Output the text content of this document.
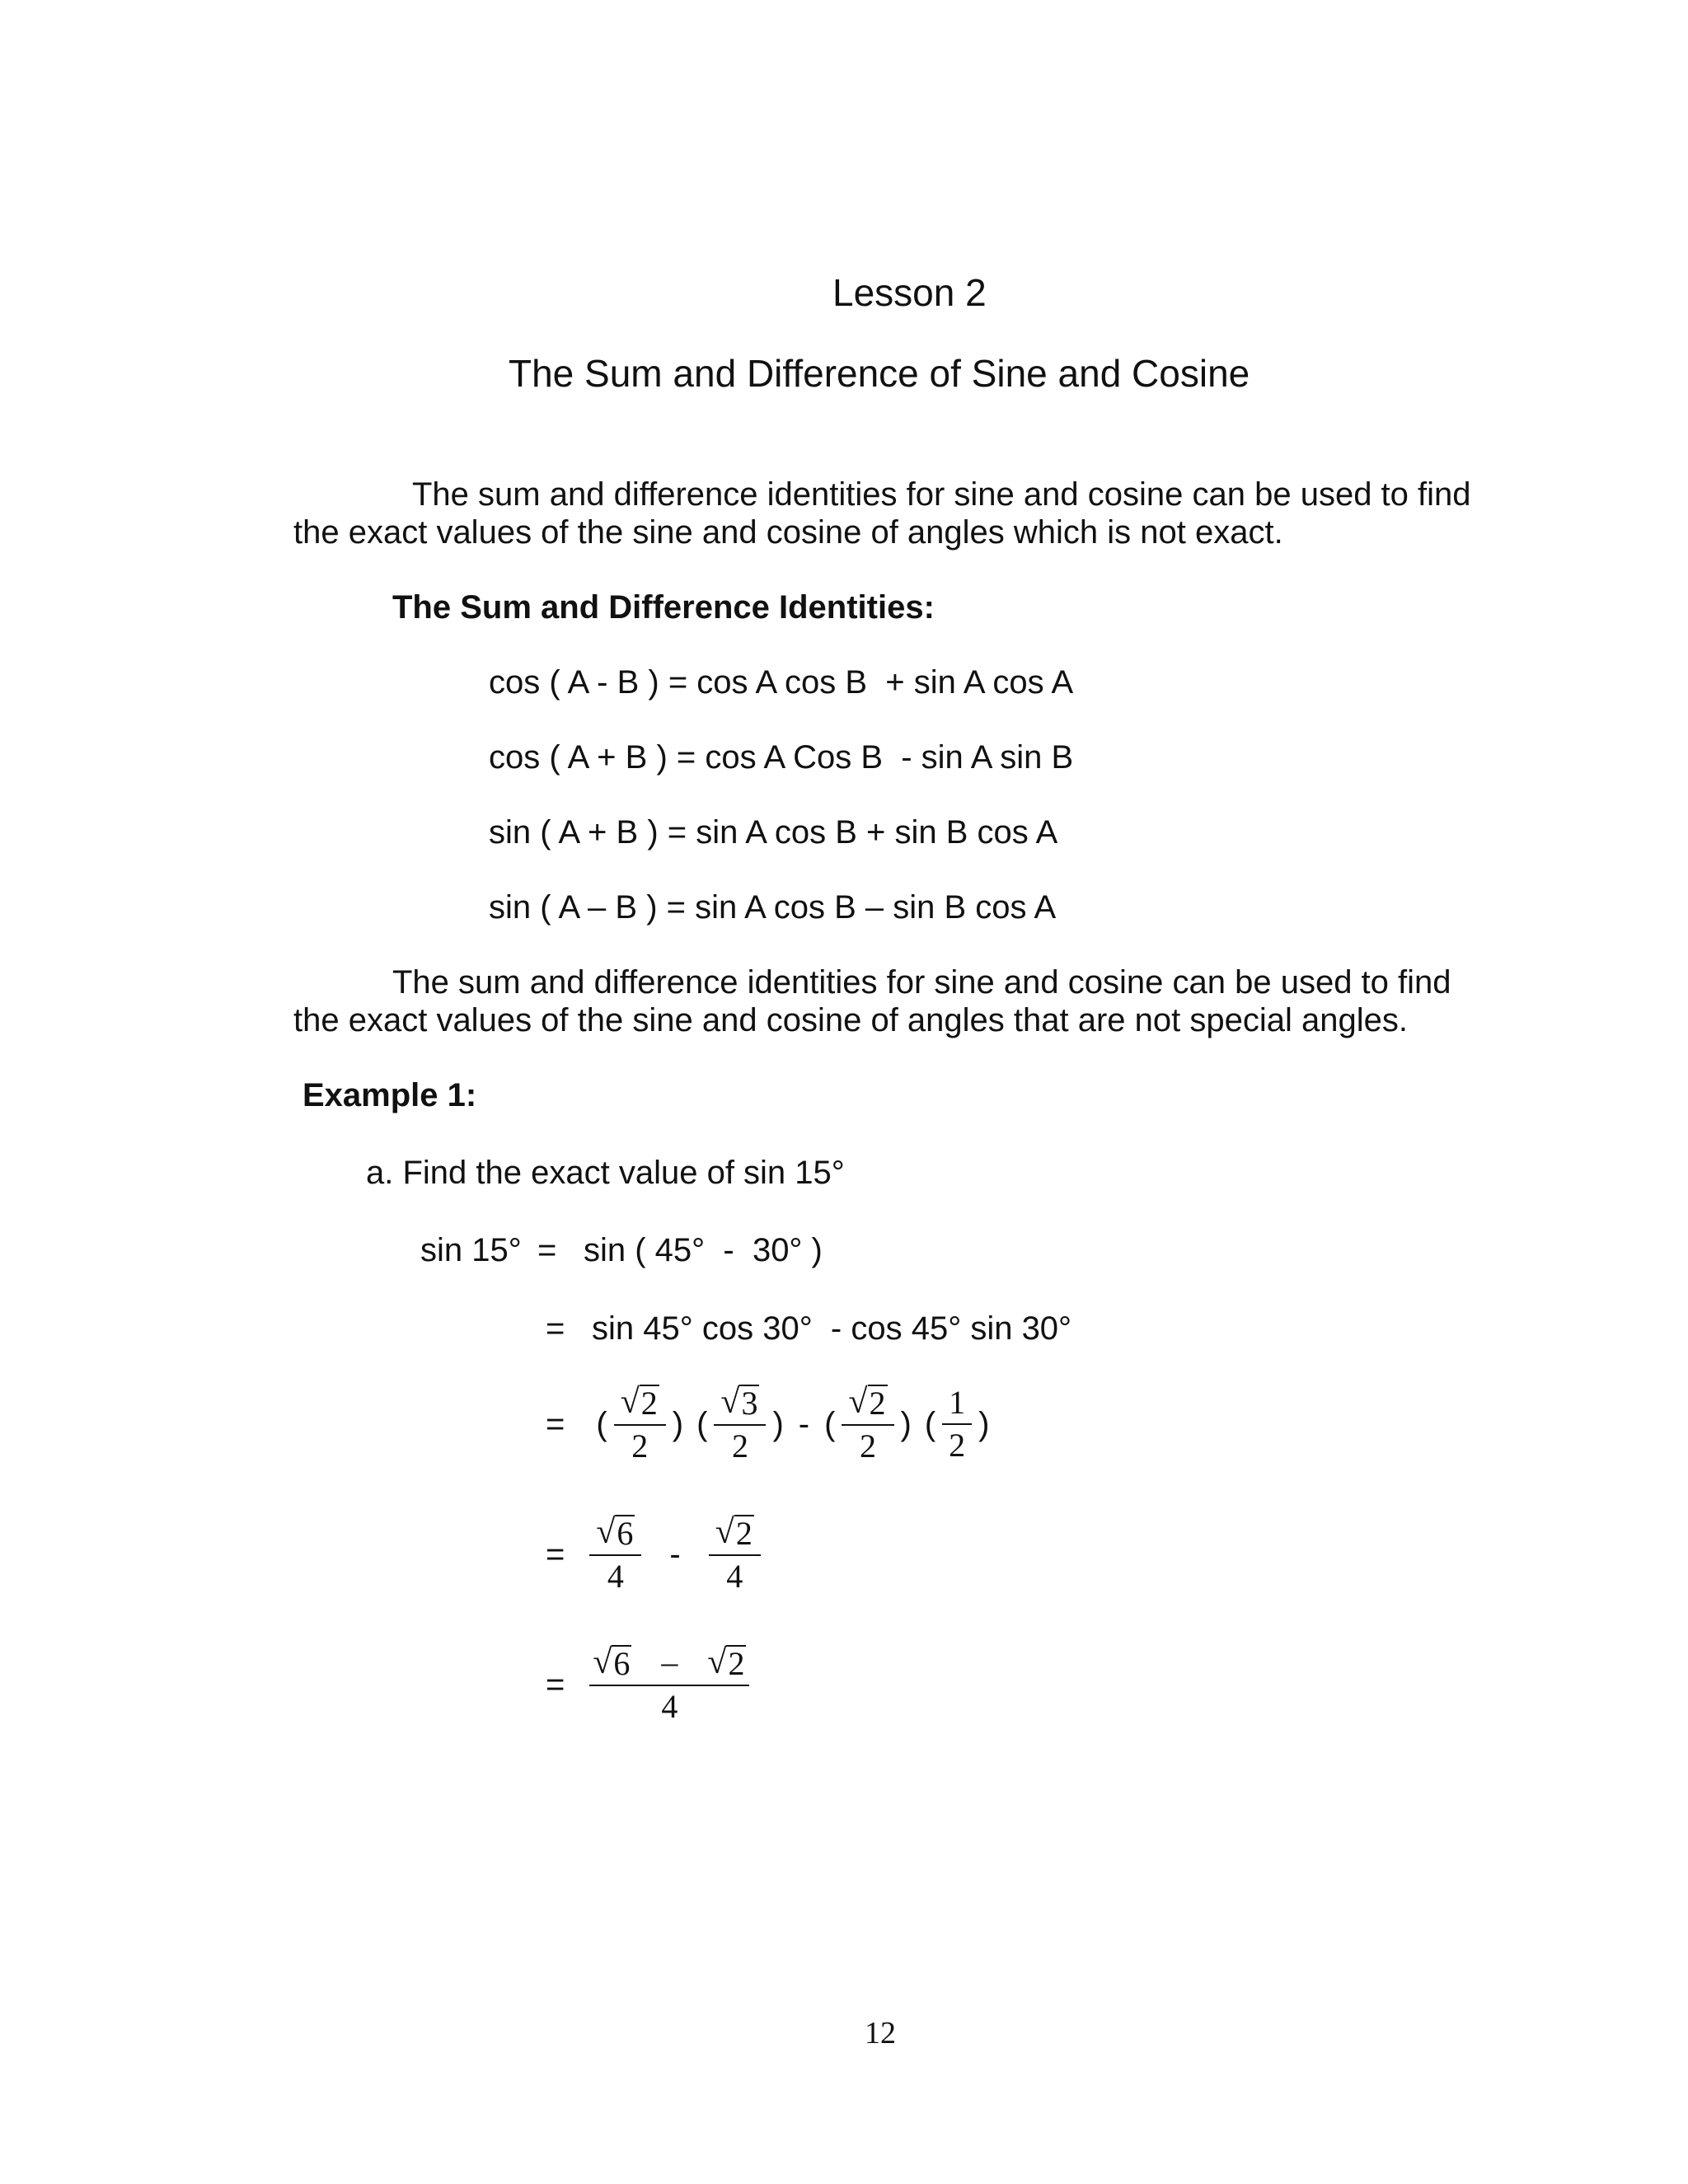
Lesson 2
The Sum and Difference of Sine and Cosine
The sum and difference identities for sine and cosine can be used to find
the exact values of the sine and cosine of angles which is not exact.
The Sum and Difference Identities:
cos ( A - B ) = cos A cos B  + sin A cos A
cos ( A + B ) = cos A Cos B  - sin A sin B
sin ( A + B ) = sin A cos B + sin B cos A
sin ( A – B ) = sin A cos B – sin B cos A
The sum and difference identities for sine and cosine can be used to find
the exact values of the sine and cosine of angles that are not special angles.
Example 1:
a. Find the exact value of sin 15°
sin 15° = sin ( 45°  -  30° )
= sin 45° cos 30°  - cos 45° sin 30°
= ( $\frac{√ 2}{2}$ ) ( $\frac{√ 3}{2}$ ) - ( $\frac{√ 2}{2}$ ) ( $\frac{1}{2}$ )
= $\frac{√ 6}{4} - \frac{√ 2}{4}$
= $\frac{√ 6 - √ 2}{4}$
12
